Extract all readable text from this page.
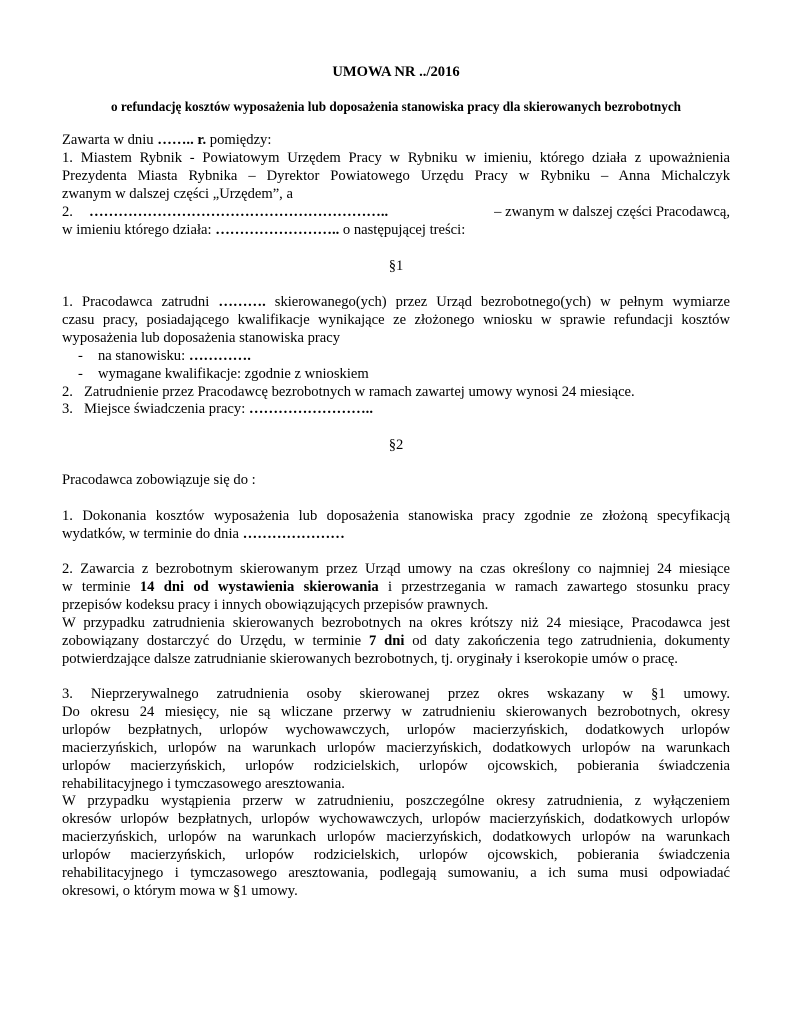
UMOWA NR ../2016
o refundację kosztów wyposażenia lub doposażenia stanowiska pracy dla skierowanych bezrobotnych
Zawarta w dniu …….. r. pomiędzy:
1. Miastem Rybnik - Powiatowym Urzędem Pracy w Rybniku w imieniu, którego działa z upoważnienia
Prezydenta Miasta Rybnika – Dyrektor Powiatowego Urzędu Pracy w Rybniku – Anna Michalczyk
zwanym w dalszej części „Urzędem”, a
2. ……………………………………………………..	– zwanym w dalszej części Pracodawcą,
w imieniu którego działa: …………………….. o następującej treści:
§1
1. Pracodawca zatrudni ………. skierowanego(ych) przez Urząd bezrobotnego(ych) w pełnym wymiarze
czasu pracy, posiadającego kwalifikacje wynikające ze złożonego wniosku w sprawie refundacji kosztów
wyposażenia lub doposażenia stanowiska pracy
- na stanowisku: ………….
- wymagane kwalifikacje: zgodnie z wnioskiem
2. Zatrudnienie przez Pracodawcę bezrobotnych w ramach zawartej umowy wynosi 24 miesiące.
3. Miejsce świadczenia pracy: ……………………..
§2
Pracodawca zobowiązuje się do :
1. Dokonania kosztów wyposażenia lub doposażenia stanowiska pracy zgodnie ze złożoną specyfikacją
wydatków, w terminie do dnia …………………
2. Zawarcia z bezrobotnym skierowanym przez Urząd umowy na czas określony co najmniej 24 miesiące
w terminie 14 dni od wystawienia skierowania i przestrzegania w ramach zawartego stosunku pracy
przepisów kodeksu pracy i innych obowiązujących przepisów prawnych.
W przypadku zatrudnienia skierowanych bezrobotnych na okres krótszy niż 24 miesiące, Pracodawca jest
zobowiązany dostarczyć do Urzędu, w terminie 7 dni od daty zakończenia tego zatrudnienia, dokumenty
potwierdzające dalsze zatrudnianie skierowanych bezrobotnych, tj. oryginały i kserokopie umów o pracę.
3. Nieprzerywalnego zatrudnienia osoby skierowanej przez okres wskazany w §1 umowy.
Do okresu 24 miesięcy, nie są wliczane przerwy w zatrudnieniu skierowanych bezrobotnych, okresy
urlopów bezpłatnych, urlopów wychowawczych, urlopów macierzyńskich, dodatkowych urlopów
macierzyńskich, urlopów na warunkach urlopów macierzyńskich, dodatkowych urlopów na warunkach
urlopów macierzyńskich, urlopów rodzicielskich, urlopów ojcowskich, pobierania świadczenia
rehabilitacyjnego i tymczasowego aresztowania.
W przypadku wystąpienia przerw w zatrudnieniu, poszczególne okresy zatrudnienia, z wyłączeniem
okresów urlopów bezpłatnych, urlopów wychowawczych, urlopów macierzyńskich, dodatkowych urlopów
macierzyńskich, urlopów na warunkach urlopów macierzyńskich, dodatkowych urlopów na warunkach
urlopów macierzyńskich, urlopów rodzicielskich, urlopów ojcowskich, pobierania świadczenia
rehabilitacyjnego i tymczasowego aresztowania, podlegają sumowaniu, a ich suma musi odpowiadać
okresowi, o którym mowa w §1 umowy.
